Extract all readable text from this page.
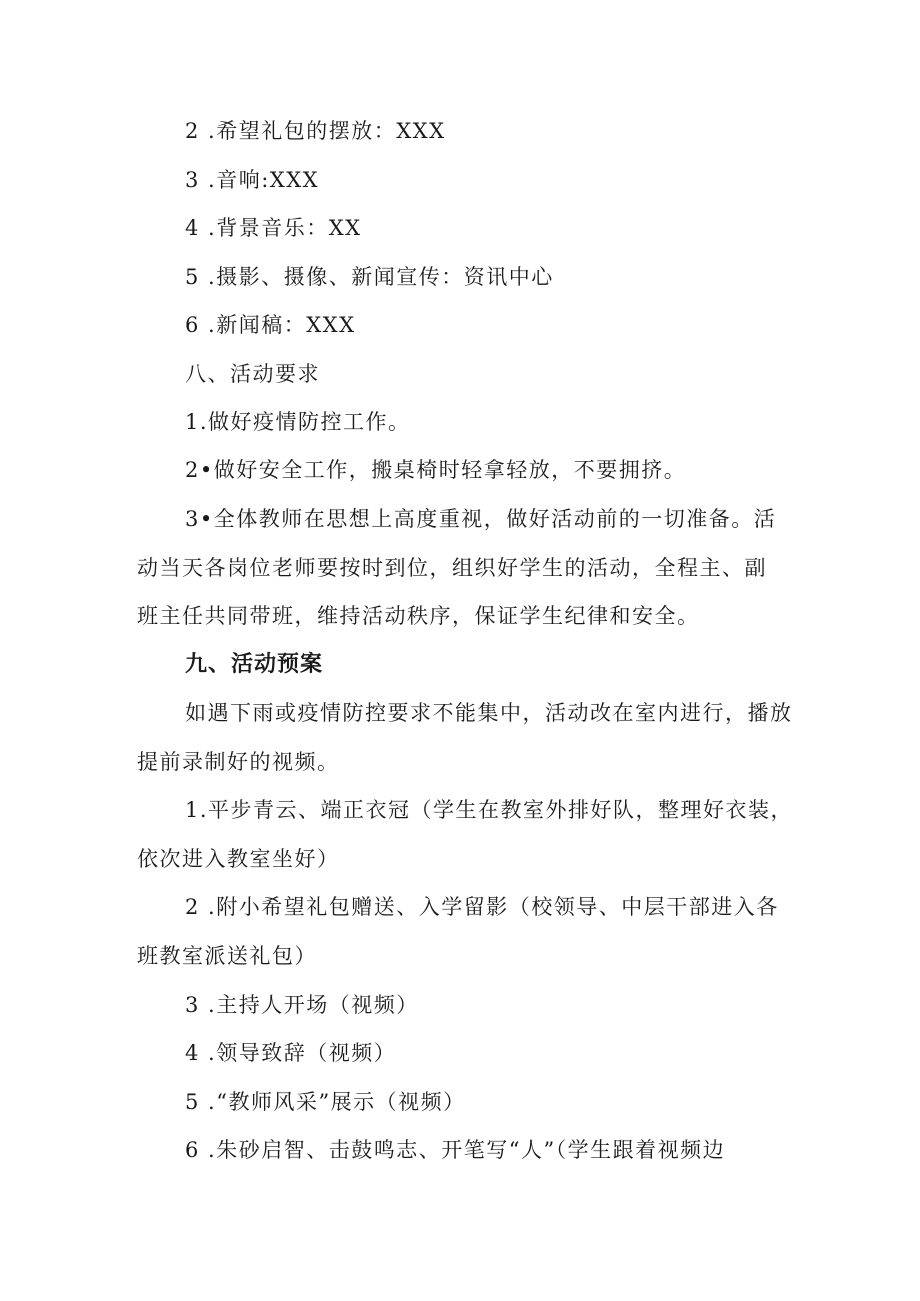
2 .希望礼包的摆放：XXX

3 .音响:XXX

4 .背景音乐：XX

5 .摄影、摄像、新闻宣传：资讯中心

6 .新闻稿：XXX

八、活动要求

1.做好疫情防控工作。

2•做好安全工作，搬桌椅时轻拿轻放，不要拥挤。

3•全体教师在思想上高度重视，做好活动前的一切准备。活

动当天各岗位老师要按时到位，组织好学生的活动，全程主、副

班主任共同带班，维持活动秩序，保证学生纪律和安全。

九、活动预案

如遇下雨或疫情防控要求不能集中，活动改在室内进行，播放

提前录制好的视频。

1.平步青云、端正衣冠（学生在教室外排好队，整理好衣装，

依次进入教室坐好）

2 .附小希望礼包赠送、入学留影（校领导、中层干部进入各

班教室派送礼包）

3 .主持人开场（视频）

4 .领导致辞（视频）

5 .“教师风采”展示（视频）

6 .朱砂启智、击鼓鸣志、开笔写“人”（学生跟着视频边
